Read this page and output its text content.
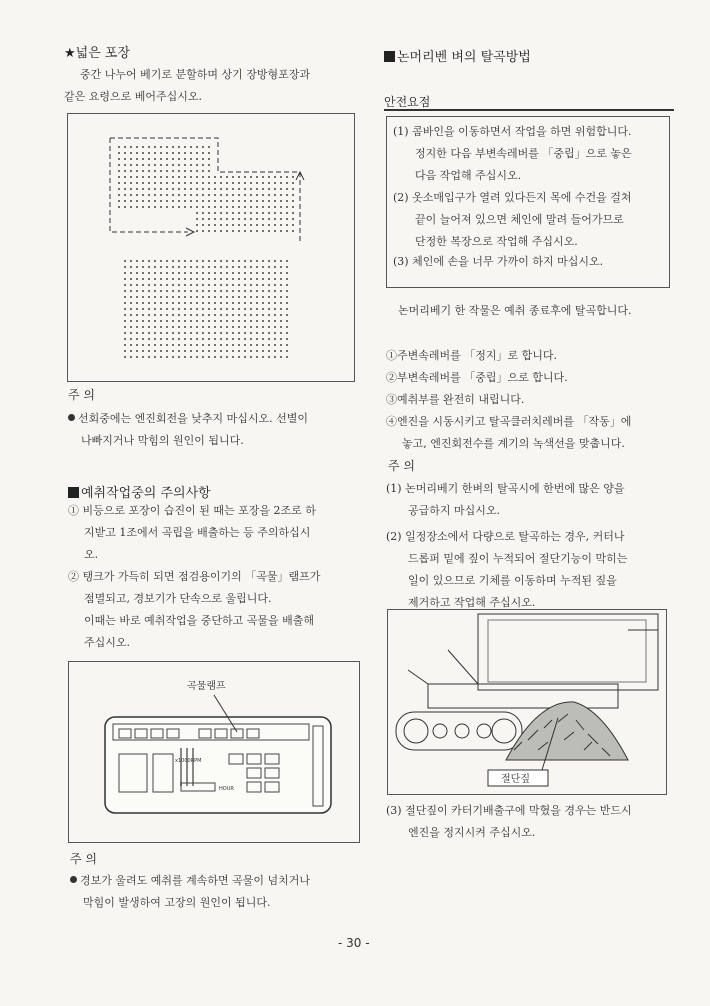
★넓은 포장
중간 나누어 베기로 분할하며 상기 장방형포장과
같은 요령으로 베어주십시오.
주 의
선회중에는 엔진회전을 낮추지 마십시오. 선별이
나빠지거나 막힘의 원인이 됩니다.
예취작업중의 주의사항
① 비등으로 포장이 습진이 된 때는 포장을 2조로 하
지받고 1조에서 곡립을 배출하는 등 주의하십시
오.
② 탱크가 가득히 되면 점검용이기의 「곡물」램프가
점멸되고, 경보기가 단속으로 울립니다.
이때는 바로 예취작업을 중단하고 곡물을 배출해
주십시오.
x1000RPM
HOUR
곡물램프
주 의
경보가 울려도 예취를 계속하면 곡물이 넘치거나
막힘이 발생하여 고장의 원인이 됩니다.
논머리벤 벼의 탈곡방법
안전요점
(1) 콤바인을 이동하면서 작업을 하면 위험합니다.
정지한 다음 부변속레버를 「중립」으로 놓은
다음 작업해 주십시오.
(2) 옷소매입구가 열려 있다든지 목에 수건을 걸쳐
끝이 늘어져 있으면 체인에 말려 들어가므로
단정한 복장으로 작업해 주십시오.
(3) 체인에 손을 너무 가까이 하지 마십시오.
논머리베기 한 작물은 예취 종료후에 탈곡합니다.
①주변속레버를 「정지」로 합니다.
②부변속레버를 「중립」으로 합니다.
③예취부를 완전히 내립니다.
④엔진을 시동시키고 탈곡클러치레버를 「작동」에
놓고, 엔진회전수를 계기의 녹색선을 맞춥니다.
주 의
(1) 논머리베기 한벼의 탈곡시에 한번에 많은 양을
공급하지 마십시오.
(2) 일정장소에서 다량으로 탈곡하는 경우, 커터나
드롭퍼 밑에 짚이 누적되어 절단기능이 막히는
일이 있으므로 기체를 이동하며 누적된 짚을
제거하고 작업해 주십시오.
절단짚
(3) 절단짚이 카터기배출구에 막혔을 경우는 반드시
엔진을 정지시켜 주십시오.
- 30 -
